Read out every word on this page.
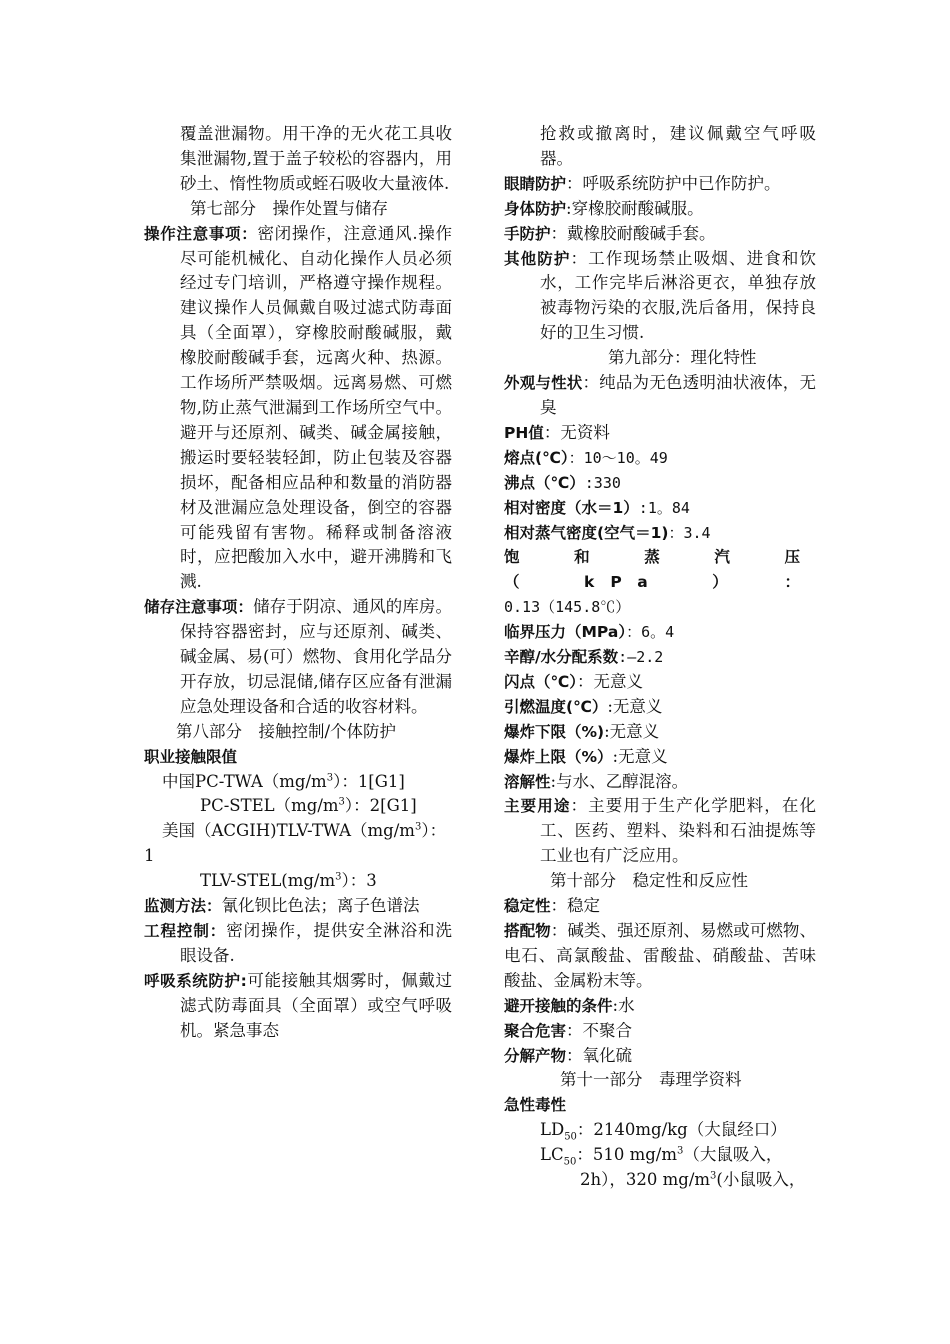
覆盖泄漏物。用干净的无火花工具收集泄漏物,置于盖子较松的容器内，用砂土、惰性物质或蛭石吸收大量液体.

第七部分　操作处置与储存

操作注意事项：密闭操作，注意通风.操作尽可能机械化、自动化操作人员必须经过专门培训，严格遵守操作规程。建议操作人员佩戴自吸过滤式防毒面具（全面罩），穿橡胶耐酸碱服，戴橡胶耐酸碱手套，远离火种、热源。工作场所严禁吸烟。远离易燃、可燃物,防止蒸气泄漏到工作场所空气中。避开与还原剂、碱类、碱金属接触，搬运时要轻装轻卸，防止包装及容器损坏，配备相应品种和数量的消防器材及泄漏应急处理设备，倒空的容器可能残留有害物。稀释或制备溶液时，应把酸加入水中，避开沸腾和飞溅.

储存注意事项：储存于阴凉、通风的库房。保持容器密封，应与还原剂、碱类、碱金属、易(可）燃物、食用化学品分开存放，切忌混储,储存区应备有泄漏应急处理设备和合适的收容材料。

第八部分　接触控制/个体防护

职业接触限值

中国$PC-TWA(mg/m^3)$：1[G1]

$PC-STEL(mg/m^3)$：2[G1]

美国$(ACGIH)TLV-TWA(mg/m^3)$：

1

TLV-$STEL(mg/m^3)$：3

监测方法：氰化钡比色法；离子色谱法

工程控制：密闭操作，提供安全淋浴和洗眼设备.

呼吸系统防护:可能接触其烟雾时，佩戴过滤式防毒面具（全面罩）或空气呼吸机。紧急事态

抢救或撤离时，建议佩戴空气呼吸器。

眼睛防护：呼吸系统防护中已作防护。

身体防护:穿橡胶耐酸碱服。

手防护：戴橡胶耐酸碱手套。

其他防护：工作现场禁止吸烟、进食和饮水，工作完毕后淋浴更衣，单独存放被毒物污染的衣服,洗后备用，保持良好的卫生习惯.

第九部分：理化特性

外观与性状：纯品为无色透明油状液体，无臭

PH值：无资料

熔点(℃）：10～10。49

沸点（℃）:330

相对密度（水＝1）:1。84

相对蒸气密度(空气＝1)：3.4

饱和蒸汽压（kPa）：

0.13（145.8℃）

临界压力（MPa）：6。4

辛醇/水分配系数:—2.2

闪点（℃）：无意义

引燃温度(℃）:无意义

爆炸下限（%):无意义

爆炸上限（%）:无意义

溶解性:与水、乙醇混溶。

主要用途：主要用于生产化学肥料，在化工、医药、塑料、染料和石油提炼等工业也有广泛应用。

第十部分　稳定性和反应性

稳定性：稳定

搭配物：碱类、强还原剂、易燃或可燃物、电石、高氯酸盐、雷酸盐、硝酸盐、苦味酸盐、金属粉末等。

避开接触的条件:水

聚合危害：不聚合

分解产物：氧化硫

第十一部分　毒理学资料

急性毒性

$LD_{50}$：2140mg/kg（大鼠经口）

$LC_{50}$：510 $mg/m^3$（大鼠吸入，

2h），320 $mg/m^3$(小鼠吸入，
